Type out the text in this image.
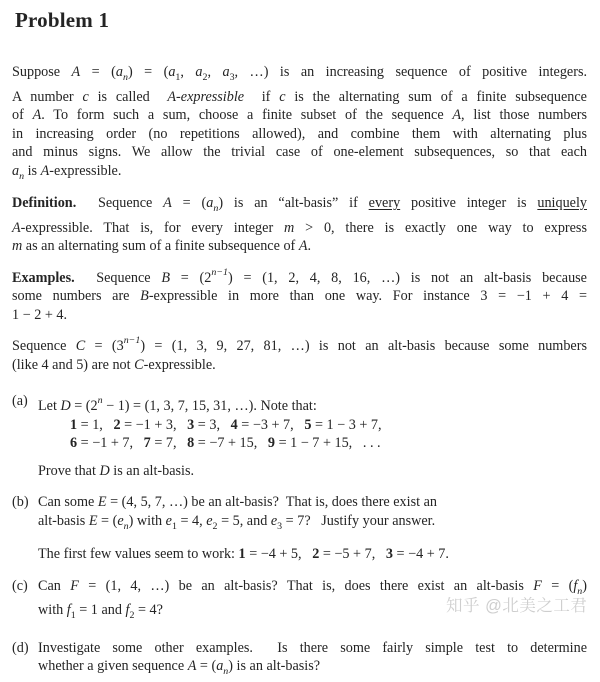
Problem 1
Suppose $A = (a_n) = (a_1$, $a_2$, $a_3$, …) is an increasing sequence of positive integers.
A number c is called  A-expressible  if c is the alternating sum of a finite subsequence
of A. To form such a sum, choose a finite subset of the sequence A, list those numbers
in increasing order (no repetitions allowed), and combine them with alternating plus
and minus signs. We allow the trivial case of one-element subsequences, so that each
$a_n$ is A-expressible.
Definition.  Sequence $A = (a_n)$ is an “alt-basis” if every positive integer is uniquely
A-expressible. That is, for every integer m > 0, there is exactly one way to express
m as an alternating sum of a finite subsequence of A.
Examples.  Sequence $B = (2^{n-1}) = (1$, 2, 4, 8, 16, …) is not an alt-basis because
some numbers are B-expressible in more than one way. For instance 3 = −1 + 4 =
1 − 2 + 4.
Sequence $C = (3^{n-1}) = (1$, 3, 9, 27, 81, …) is not an alt-basis because some numbers
(like 4 and 5) are not C-expressible.
(a) Let $D = (2^n - 1) = (1$, 3, 7, 15, 31, …). Note that:
1 = 1,   2 = −1 + 3,   3 = 3,   4 = −3 + 7,   5 = 1 − 3 + 7,
6 = −1 + 7,   7 = 7,   8 = −7 + 15,   9 = 1 − 7 + 15,   . . .
Prove that D is an alt-basis.
(b) Can some E = (4, 5, 7, …) be an alt-basis?  That is, does there exist an
alt-basis $E = (e_n)$ with $e_1 = 4$, $e_2 = 5$, and $e_3 = 7$?   Justify your answer.
The first few values seem to work: 1 = −4 + 5,   2 = −5 + 7,   3 = −4 + 7.
(c) Can F = (1, 4, …) be an alt-basis? That is, does there exist an alt-basis $F = (f_n)$
with $f_1 = 1$ and $f_2 = 4$?
(d) Investigate some other examples.  Is there some fairly simple test to determine
whether a given sequence $A = (a_n)$ is an alt-basis?
知乎 @北美之工君
